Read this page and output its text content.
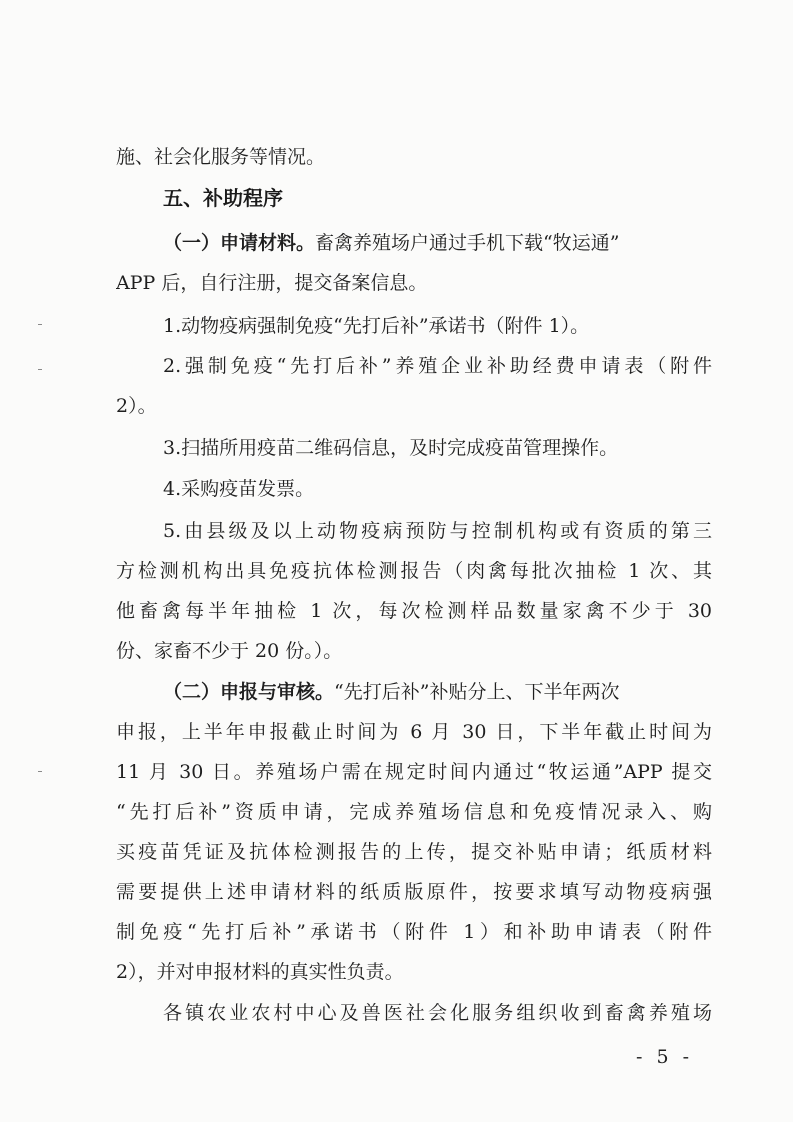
施、社会化服务等情况。
五、补助程序
（一）申请材料。畜禽养殖场户通过手机下载“牧运通”
APP 后，自行注册，提交备案信息。
1.动物疫病强制免疫“先打后补”承诺书（附件 1）。
2.强制免疫“先打后补”养殖企业补助经费申请表（附件
2）。
3.扫描所用疫苗二维码信息，及时完成疫苗管理操作。
4.采购疫苗发票。
5.由县级及以上动物疫病预防与控制机构或有资质的第三
方检测机构出具免疫抗体检测报告（肉禽每批次抽检 1 次、其
他畜禽每半年抽检 1 次，每次检测样品数量家禽不少于 30
份、家畜不少于 20 份。）。
（二）申报与审核。“先打后补”补贴分上、下半年两次
申报，上半年申报截止时间为 6 月 30 日，下半年截止时间为
11 月 30 日。养殖场户需在规定时间内通过“牧运通”APP 提交
“先打后补”资质申请，完成养殖场信息和免疫情况录入、购
买疫苗凭证及抗体检测报告的上传，提交补贴申请；纸质材料
需要提供上述申请材料的纸质版原件，按要求填写动物疫病强
制免疫“先打后补”承诺书（附件 1）和补助申请表（附件
2），并对申报材料的真实性负责。
各镇农业农村中心及兽医社会化服务组织收到畜禽养殖场
- 5 -
